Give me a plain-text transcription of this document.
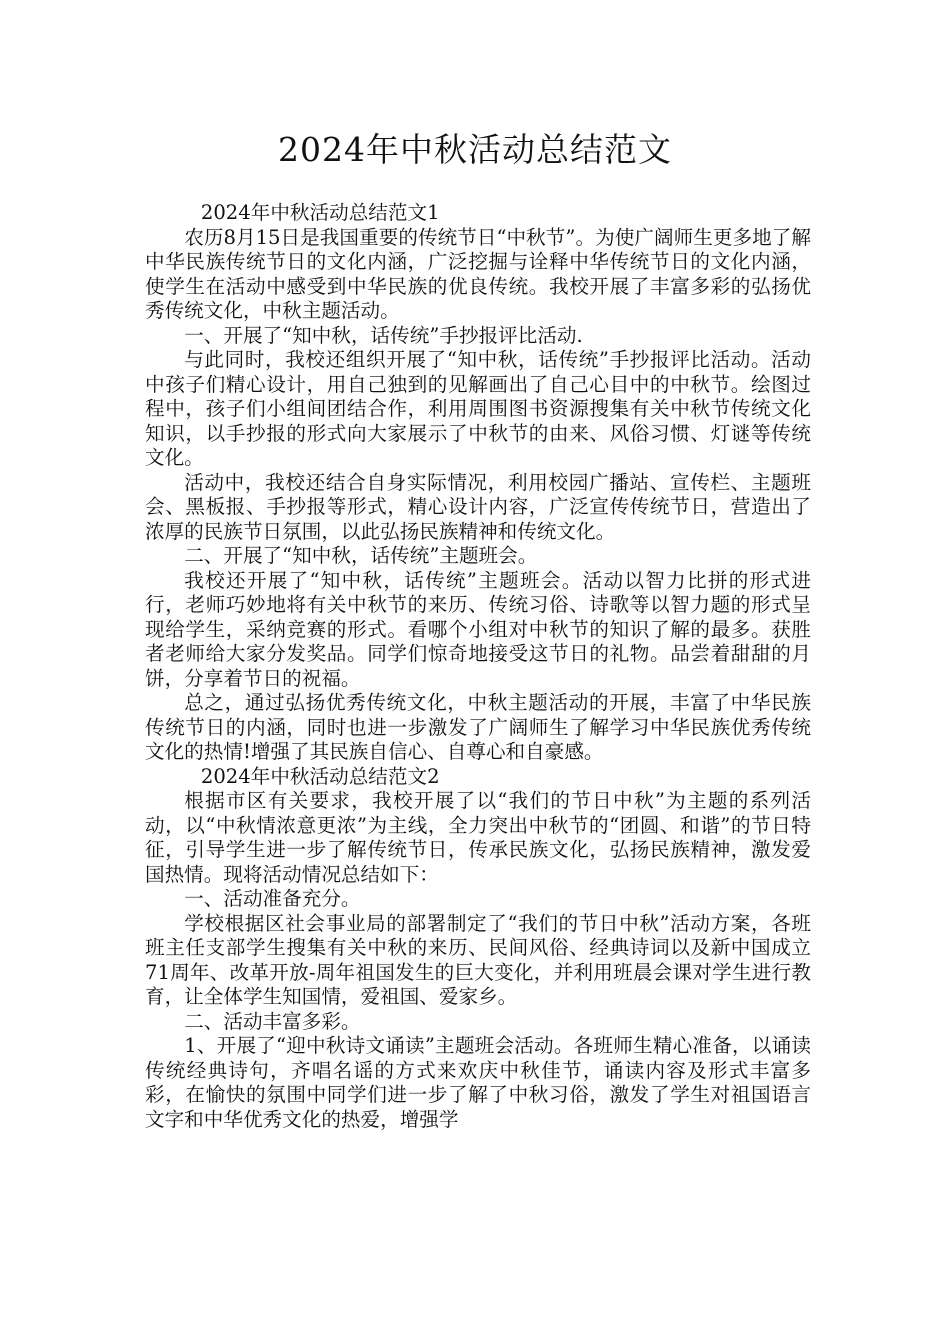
2024年中秋活动总结范文

2024年中秋活动总结范文1

农历8月15日是我国重要的传统节日“中秋节”。为使广阔师生更多地了解中华民族传统节日的文化内涵，广泛挖掘与诠释中华传统节日的文化内涵，使学生在活动中感受到中华民族的优良传统。我校开展了丰富多彩的弘扬优秀传统文化，中秋主题活动。

一、开展了“知中秋，话传统”手抄报评比活动.

与此同时，我校还组织开展了“知中秋，话传统”手抄报评比活动。活动中孩子们精心设计，用自己独到的见解画出了自己心目中的中秋节。绘图过程中，孩子们小组间团结合作，利用周围图书资源搜集有关中秋节传统文化知识，以手抄报的形式向大家展示了中秋节的由来、风俗习惯、灯谜等传统文化。

活动中，我校还结合自身实际情况，利用校园广播站、宣传栏、主题班会、黑板报、手抄报等形式，精心设计内容，广泛宣传传统节日，营造出了浓厚的民族节日氛围，以此弘扬民族精神和传统文化。

二、开展了“知中秋，话传统”主题班会。

我校还开展了“知中秋，话传统”主题班会。活动以智力比拼的形式进行，老师巧妙地将有关中秋节的来历、传统习俗、诗歌等以智力题的形式呈现给学生，采纳竞赛的形式。看哪个小组对中秋节的知识了解的最多。获胜者老师给大家分发奖品。同学们惊奇地接受这节日的礼物。品尝着甜甜的月饼，分享着节日的祝福。

总之，通过弘扬优秀传统文化，中秋主题活动的开展，丰富了中华民族传统节日的内涵，同时也进一步激发了广阔师生了解学习中华民族优秀传统文化的热情!增强了其民族自信心、自尊心和自豪感。

2024年中秋活动总结范文2

根据市区有关要求，我校开展了以“我们的节日中秋”为主题的系列活动，以“中秋情浓意更浓”为主线，全力突出中秋节的“团圆、和谐”的节日特征，引导学生进一步了解传统节日，传承民族文化，弘扬民族精神，激发爱国热情。现将活动情况总结如下：

一、活动准备充分。

学校根据区社会事业局的部署制定了“我们的节日中秋”活动方案，各班班主任支部学生搜集有关中秋的来历、民间风俗、经典诗词以及新中国成立71周年、改革开放-周年祖国发生的巨大变化，并利用班晨会课对学生进行教育，让全体学生知国情，爱祖国、爱家乡。

二、活动丰富多彩。

1、开展了“迎中秋诗文诵读”主题班会活动。各班师生精心准备，以诵读传统经典诗句，齐唱名谣的方式来欢庆中秋佳节，诵读内容及形式丰富多彩，在愉快的氛围中同学们进一步了解了中秋习俗，激发了学生对祖国语言文字和中华优秀文化的热爱，增强学
